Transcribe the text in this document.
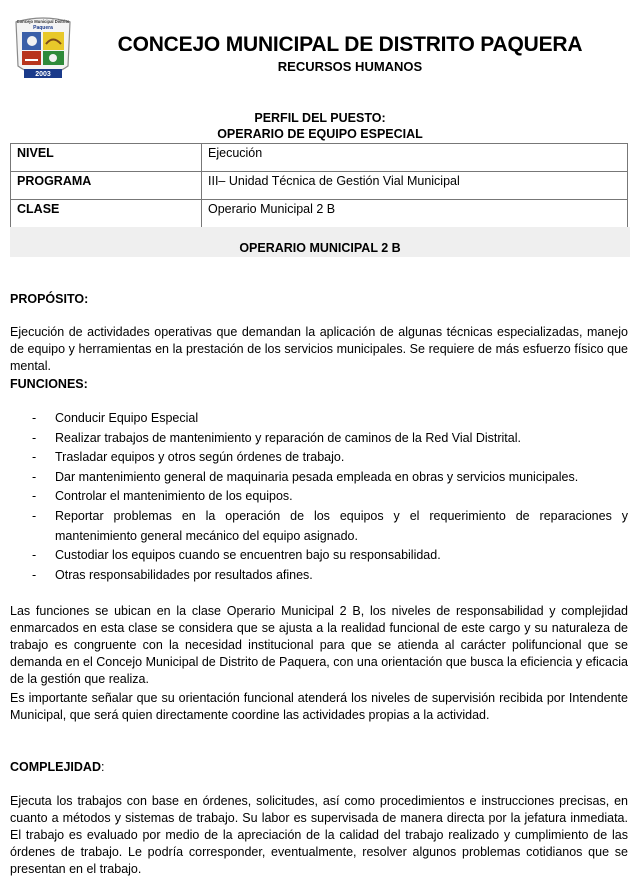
Concejo Municipal Distrito
Paquera
2003
CONCEJO MUNICIPAL DE DISTRITO PAQUERA
RECURSOS HUMANOS
PERFIL DEL PUESTO:
OPERARIO DE EQUIPO ESPECIAL
NIVEL	Ejecución
PROGRAMA	III– Unidad Técnica de Gestión Vial Municipal
CLASE	Operario Municipal 2 B
OPERARIO MUNICIPAL 2 B
PROPÓSITO:

Ejecución de actividades operativas que demandan la aplicación de algunas técnicas especializadas, manejo de equipo y herramientas en la prestación de los servicios municipales. Se requiere de más esfuerzo físico que mental.

FUNCIONES:
- Conducir Equipo Especial
- Realizar trabajos de mantenimiento y reparación de caminos de la Red Vial Distrital.
- Trasladar equipos y otros según órdenes de trabajo.
- Dar mantenimiento general de maquinaria pesada empleada en obras y servicios municipales.
- Controlar el mantenimiento de los equipos.
- Reportar problemas en la operación de los equipos y el requerimiento de reparaciones y mantenimiento general mecánico del equipo asignado.
- Custodiar los equipos cuando se encuentren bajo su responsabilidad.
- Otras responsabilidades por resultados afines.

Las funciones se ubican en la clase Operario Municipal 2 B, los niveles de responsabilidad y complejidad enmarcados en esta clase se considera que se ajusta a la realidad funcional de este cargo y su naturaleza de trabajo es congruente con la necesidad institucional para que se atienda al carácter polifuncional que se demanda en el Concejo Municipal de Distrito de Paquera, con una orientación que busca la eficiencia y eficacia de la gestión que realiza.

Es importante señalar que su orientación funcional atenderá los niveles de supervisión recibida por Intendente Municipal, que será quien directamente coordine las actividades propias a la actividad.

COMPLEJIDAD:

Ejecuta los trabajos con base en órdenes, solicitudes, así como procedimientos e instrucciones precisas, en cuanto a métodos y sistemas de trabajo. Su labor es supervisada de manera directa por la jefatura inmediata. El trabajo es evaluado por medio de la apreciación de la calidad del trabajo realizado y cumplimiento de las órdenes de trabajo. Le podría corresponder, eventualmente, resolver algunos problemas cotidianos que se presentan en el trabajo.
